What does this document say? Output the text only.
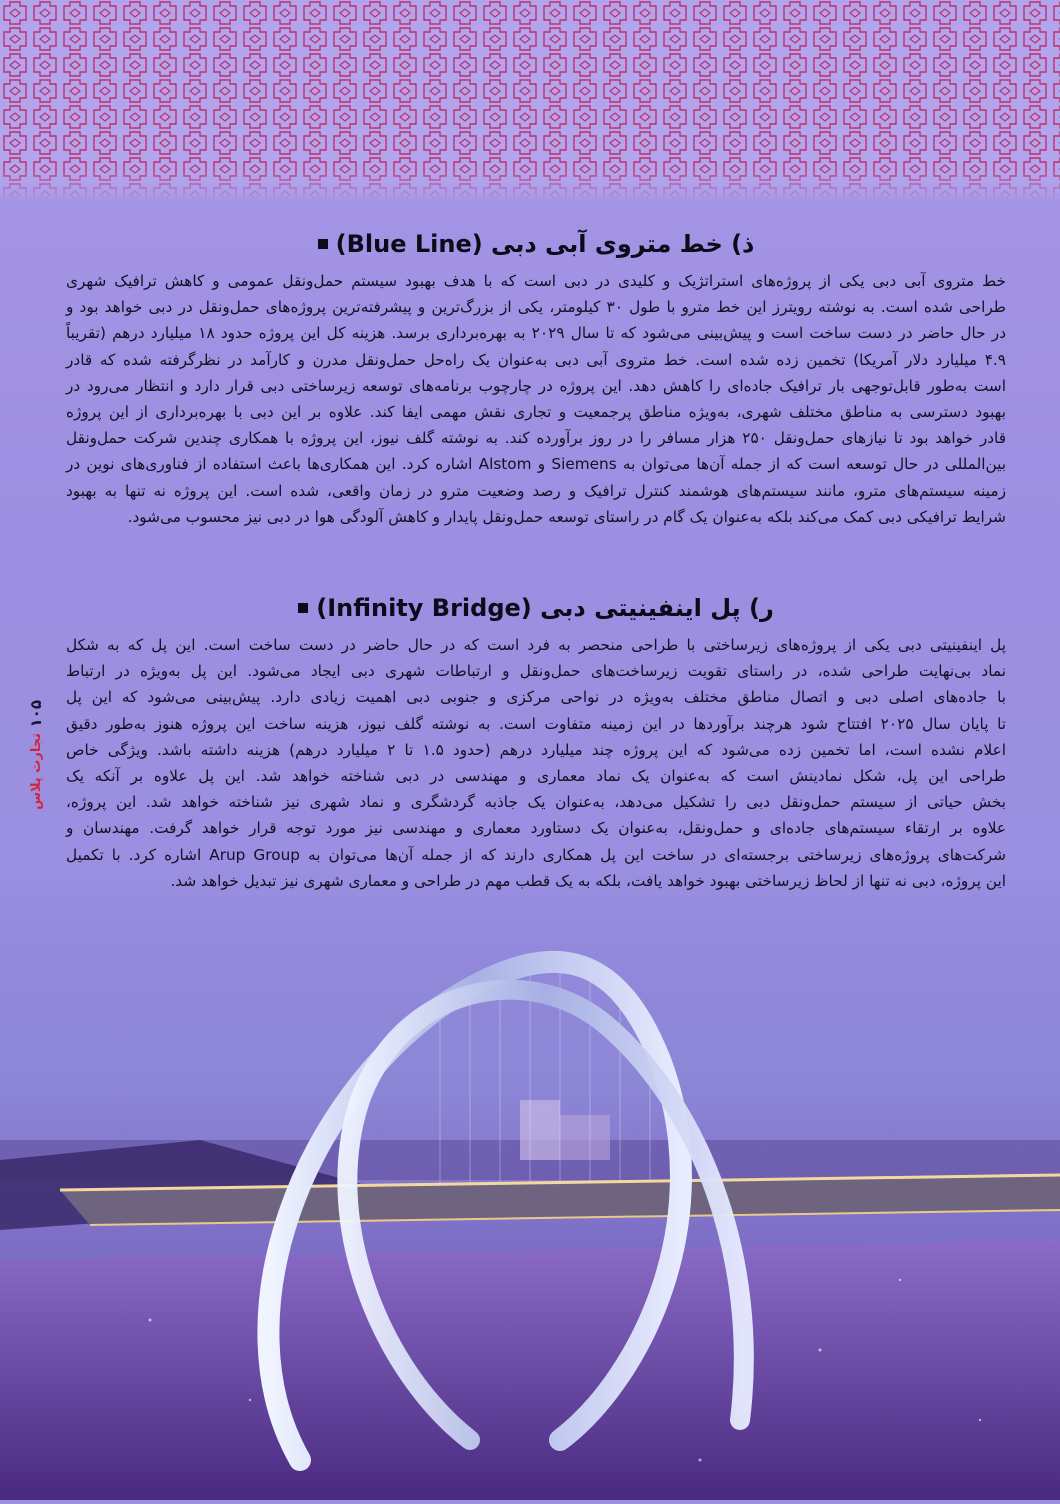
ذ) خط متروی آبی دبی (Blue Line)

خط متروی آبی دبی یکی از پروژه‌های استراتژیک و کلیدی در دبی است که با هدف بهبود سیستم حمل‌ونقل عمومی و کاهش ترافیک شهری
طراحی شده است. به نوشته رویترز این خط مترو با طول ۳۰ کیلومتر، یکی از بزرگ‌ترین و پیشرفته‌ترین پروژه‌های حمل‌ونقل در دبی خواهد بود و
در حال حاضر در دست ساخت است و پیش‌بینی می‌شود که تا سال ۲۰۲۹ به بهره‌برداری برسد. هزینه کل این پروژه حدود ۱۸ میلیارد درهم (تقریباً
۴.۹ میلیارد دلار آمریکا) تخمین زده شده است. خط متروی آبی دبی به‌عنوان یک راه‌حل حمل‌ونقل مدرن و کارآمد در نظرگرفته شده که قادر
است به‌طور قابل‌توجهی بار ترافیک جاده‌ای را کاهش دهد. این پروژه در چارچوب برنامه‌های توسعه زیرساختی دبی قرار دارد و انتظار می‌رود در
بهبود دسترسی به مناطق مختلف شهری، به‌ویژه مناطق پرجمعیت و تجاری نقش مهمی ایفا کند. علاوه بر این دبی با بهره‌برداری از این پروژه
قادر خواهد بود تا نیازهای حمل‌ونقل ۲۵۰ هزار مسافر را در روز برآورده کند. به نوشته گلف نیوز، این پروژه با همکاری چندین شرکت حمل‌ونقل
بین‌المللی در حال توسعه است که از جمله آن‌ها می‌توان به Siemens و Alstom اشاره کرد. این همکاری‌ها باعث استفاده از فناوری‌های نوین در
زمینه سیستم‌های مترو، مانند سیستم‌های هوشمند کنترل ترافیک و رصد وضعیت مترو در زمان واقعی، شده است. این پروژه نه تنها به بهبود
شرایط ترافیکی دبی کمک می‌کند بلکه به‌عنوان یک گام در راستای توسعه حمل‌ونقل پایدار و کاهش آلودگی هوا در دبی نیز محسوب می‌شود.

ر) پل اینفینیتی دبی (Infinity Bridge)

پل اینفینیتی دبی یکی از پروژه‌های زیرساختی با طراحی منحصر به فرد است که در حال حاضر در دست ساخت است. این پل که به شکل
نماد بی‌نهایت طراحی شده، در راستای تقویت زیرساخت‌های حمل‌ونقل و ارتباطات شهری دبی ایجاد می‌شود. این پل به‌ویژه در ارتباط
با جاده‌های اصلی دبی و اتصال مناطق مختلف به‌ویژه در نواحی مرکزی و جنوبی دبی اهمیت زیادی دارد. پیش‌بینی می‌شود که این پل
تا پایان سال ۲۰۲۵ افتتاح شود هرچند برآوردها در این زمینه متفاوت است. به نوشته گلف نیوز، هزینه ساخت این پروژه هنوز به‌طور دقیق
اعلام نشده است، اما تخمین زده می‌شود که این پروژه چند میلیارد درهم (حدود ۱.۵ تا ۲ میلیارد درهم) هزینه داشته باشد. ویژگی خاص
طراحی این پل، شکل نمادینش است که به‌عنوان یک نماد معماری و مهندسی در دبی شناخته خواهد شد. این پل علاوه بر آنکه یک
بخش حیاتی از سیستم حمل‌ونقل دبی را تشکیل می‌دهد، به‌عنوان یک جاذبه گردشگری و نماد شهری نیز شناخته خواهد شد. این پروژه،
علاوه بر ارتقاء سیستم‌های جاده‌ای و حمل‌ونقل، به‌عنوان یک دستاورد معماری و مهندسی نیز مورد توجه قرار خواهد گرفت. مهندسان و
شرکت‌های پروژه‌های زیرساختی برجسته‌ای در ساخت این پل همکاری دارند که از جمله آن‌ها می‌توان به Arup Group اشاره کرد. با تکمیل
این پروژه، دبی نه تنها از لحاظ زیرساختی بهبود خواهد یافت، بلکه به یک قطب مهم در طراحی و معماری شهری نیز تبدیل خواهد شد.

۱۰۵
تجارت پلاس
